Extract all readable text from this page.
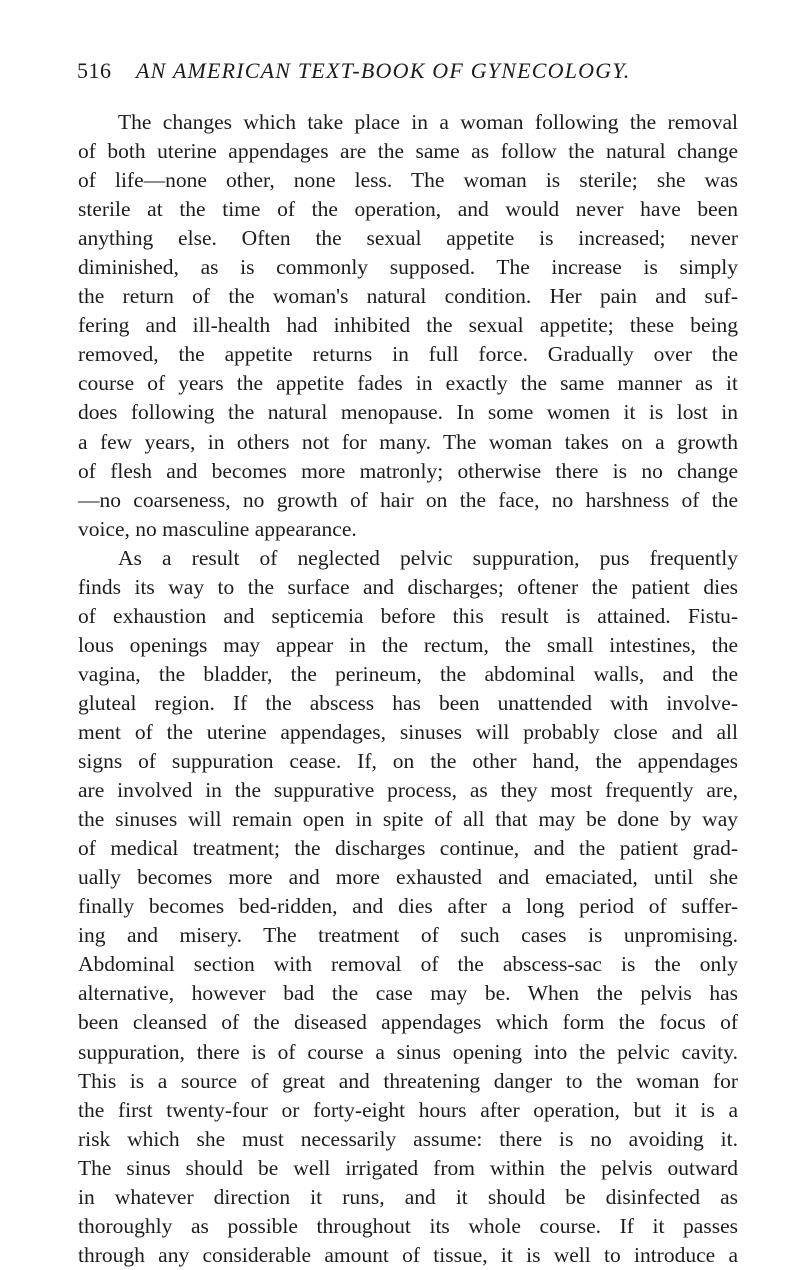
516 AN AMERICAN TEXT-BOOK OF GYNECOLOGY.
The changes which take place in a woman following the removal
of both uterine appendages are the same as follow the natural change
of life—none other, none less. The woman is sterile; she was
sterile at the time of the operation, and would never have been
anything else. Often the sexual appetite is increased; never
diminished, as is commonly supposed. The increase is simply
the return of the woman's natural condition. Her pain and suf-
fering and ill-health had inhibited the sexual appetite; these being
removed, the appetite returns in full force. Gradually over the
course of years the appetite fades in exactly the same manner as it
does following the natural menopause. In some women it is lost in
a few years, in others not for many. The woman takes on a growth
of flesh and becomes more matronly; otherwise there is no change
—no coarseness, no growth of hair on the face, no harshness of the
voice, no masculine appearance.
As a result of neglected pelvic suppuration, pus frequently
finds its way to the surface and discharges; oftener the patient dies
of exhaustion and septicemia before this result is attained. Fistu-
lous openings may appear in the rectum, the small intestines, the
vagina, the bladder, the perineum, the abdominal walls, and the
gluteal region. If the abscess has been unattended with involve-
ment of the uterine appendages, sinuses will probably close and all
signs of suppuration cease. If, on the other hand, the appendages
are involved in the suppurative process, as they most frequently are,
the sinuses will remain open in spite of all that may be done by way
of medical treatment; the discharges continue, and the patient grad-
ually becomes more and more exhausted and emaciated, until she
finally becomes bed-ridden, and dies after a long period of suffer-
ing and misery. The treatment of such cases is unpromising.
Abdominal section with removal of the abscess-sac is the only
alternative, however bad the case may be. When the pelvis has
been cleansed of the diseased appendages which form the focus of
suppuration, there is of course a sinus opening into the pelvic cavity.
This is a source of great and threatening danger to the woman for
the first twenty-four or forty-eight hours after operation, but it is a
risk which she must necessarily assume: there is no avoiding it.
The sinus should be well irrigated from within the pelvis outward
in whatever direction it runs, and it should be disinfected as
thoroughly as possible throughout its whole course. If it passes
through any considerable amount of tissue, it is well to introduce a
